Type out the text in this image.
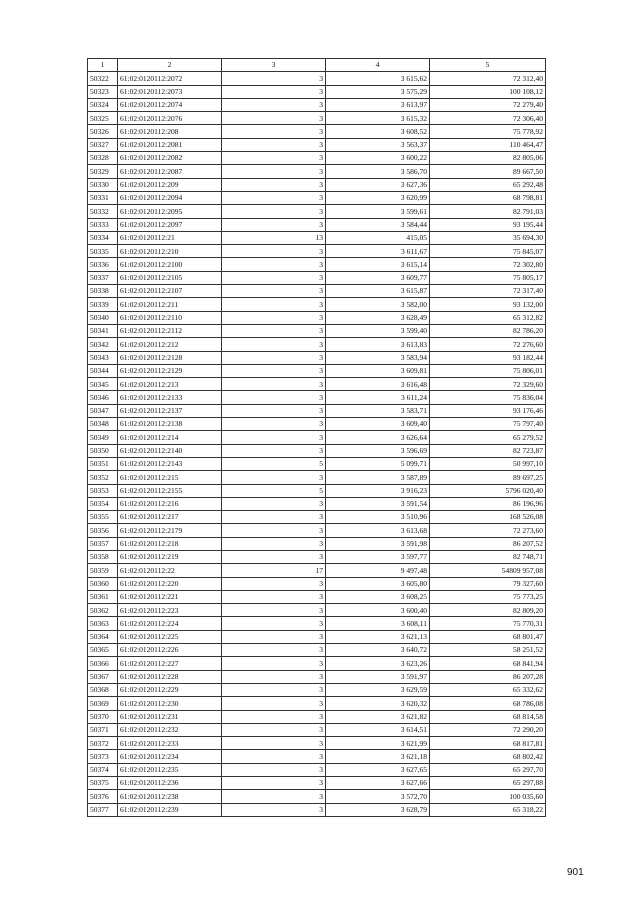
1	2	3	4	5
50322	61:02:0120112:2072	3	3 615,62	72 312,40
50323	61:02:0120112:2073	3	3 575,29	100 108,12
50324	61:02:0120112:2074	3	3 613,97	72 279,40
50325	61:02:0120112:2076	3	3 615,32	72 306,40
50326	61:02:0120112:208	3	3 608,52	75 778,92
50327	61:02:0120112:2081	3	3 563,37	110 464,47
50328	61:02:0120112:2082	3	3 600,22	82 805,06
50329	61:02:0120112:2087	3	3 586,70	89 667,50
50330	61:02:0120112:209	3	3 627,36	65 292,48
50331	61:02:0120112:2094	3	3 620,99	68 798,81
50332	61:02:0120112:2095	3	3 599,61	82 791,03
50333	61:02:0120112:2097	3	3 584,44	93 195,44
50334	61:02:0120112:21	13	415,05	35 694,30
50335	61:02:0120112:210	3	3 611,67	75 845,07
50336	61:02:0120112:2100	3	3 615,14	72 302,80
50337	61:02:0120112:2105	3	3 609,77	75 805,17
50338	61:02:0120112:2107	3	3 615,87	72 317,40
50339	61:02:0120112:211	3	3 582,00	93 132,00
50340	61:02:0120112:2110	3	3 628,49	65 312,82
50341	61:02:0120112:2112	3	3 599,40	82 786,20
50342	61:02:0120112:212	3	3 613,83	72 276,60
50343	61:02:0120112:2128	3	3 583,94	93 182,44
50344	61:02:0120112:2129	3	3 609,81	75 806,01
50345	61:02:0120112:213	3	3 616,48	72 329,60
50346	61:02:0120112:2133	3	3 611,24	75 836,04
50347	61:02:0120112:2137	3	3 583,71	93 176,46
50348	61:02:0120112:2138	3	3 609,40	75 797,40
50349	61:02:0120112:214	3	3 626,64	65 279,52
50350	61:02:0120112:2140	3	3 596,69	82 723,87
50351	61:02:0120112:2143	5	5 099,71	50 997,10
50352	61:02:0120112:215	3	3 587,89	89 697,25
50353	61:02:0120112:2155	5	3 916,23	5796 020,40
50354	61:02:0120112:216	3	3 591,54	86 196,96
50355	61:02:0120112:217	3	3 510,96	168 526,08
50356	61:02:0120112:2179	3	3 613,68	72 273,60
50357	61:02:0120112:218	3	3 591,98	86 207,52
50358	61:02:0120112:219	3	3 597,77	82 748,71
50359	61:02:0120112:22	17	9 497,48	54809 957,08
50360	61:02:0120112:220	3	3 605,80	79 327,60
50361	61:02:0120112:221	3	3 608,25	75 773,25
50362	61:02:0120112:223	3	3 600,40	82 809,20
50363	61:02:0120112:224	3	3 608,11	75 770,31
50364	61:02:0120112:225	3	3 621,13	68 801,47
50365	61:02:0120112:226	3	3 640,72	58 251,52
50366	61:02:0120112:227	3	3 623,26	68 841,94
50367	61:02:0120112:228	3	3 591,97	86 207,28
50368	61:02:0120112:229	3	3 629,59	65 332,62
50369	61:02:0120112:230	3	3 620,32	68 786,08
50370	61:02:0120112:231	3	3 621,82	68 814,58
50371	61:02:0120112:232	3	3 614,51	72 290,20
50372	61:02:0120112:233	3	3 621,99	68 817,81
50373	61:02:0120112:234	3	3 621,18	68 802,42
50374	61:02:0120112:235	3	3 627,65	65 297,70
50375	61:02:0120112:236	3	3 627,66	65 297,88
50376	61:02:0120112:238	3	3 572,70	100 035,60
50377	61:02:0120112:239	3	3 628,79	65 318,22
901
